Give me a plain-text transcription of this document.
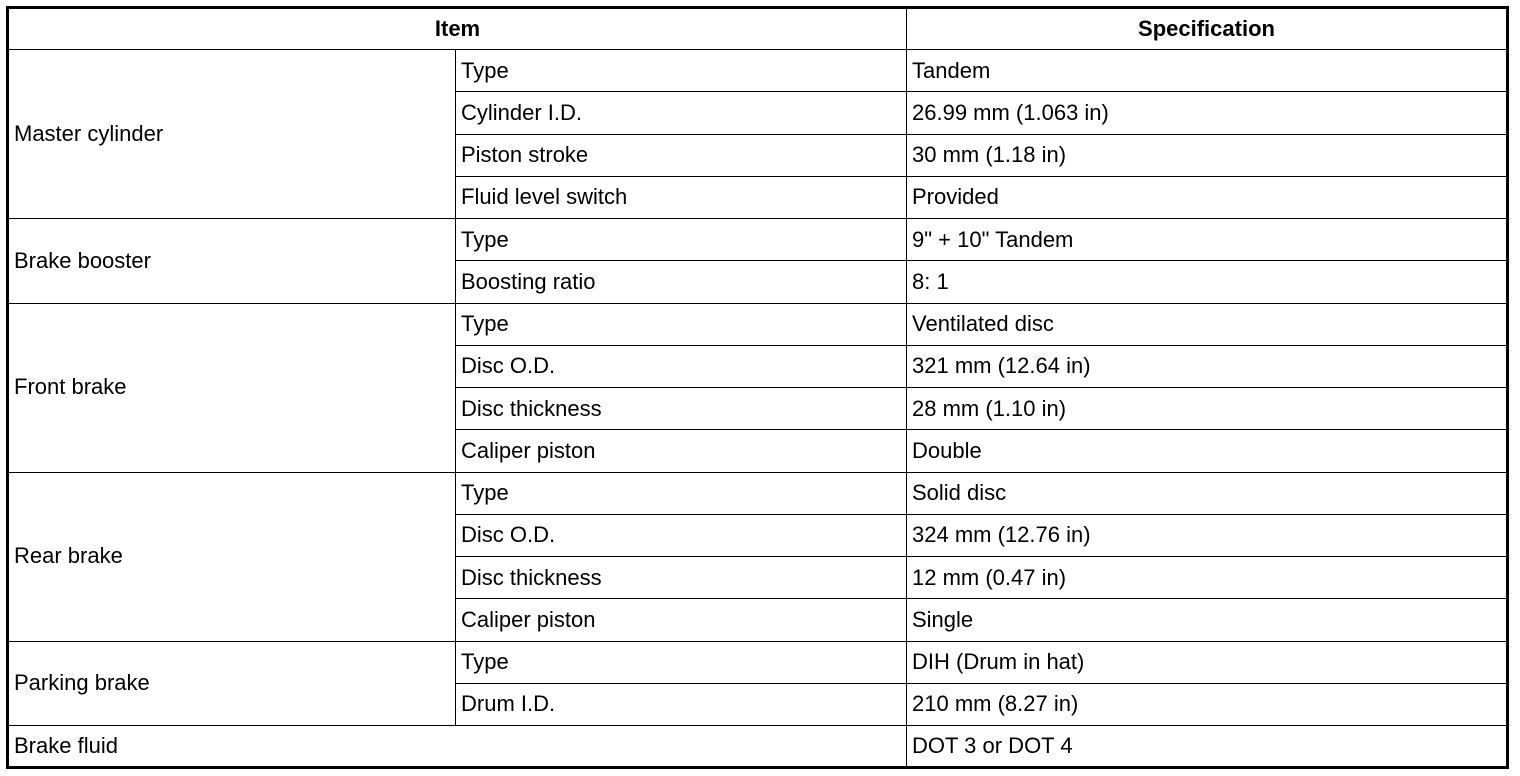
Item		Specification
Master cylinder	Type	Tandem
	Cylinder I.D.	26.99 mm (1.063 in)
	Piston stroke	30 mm (1.18 in)
	Fluid level switch	Provided
Brake booster	Type	9" + 10" Tandem
	Boosting ratio	8: 1
Front brake	Type	Ventilated disc
	Disc O.D.	321 mm (12.64 in)
	Disc thickness	28 mm (1.10 in)
	Caliper piston	Double
Rear brake	Type	Solid disc
	Disc O.D.	324 mm (12.76 in)
	Disc thickness	12 mm (0.47 in)
	Caliper piston	Single
Parking brake	Type	DIH (Drum in hat)
	Drum I.D.	210 mm (8.27 in)
Brake fluid		DOT 3 or DOT 4
